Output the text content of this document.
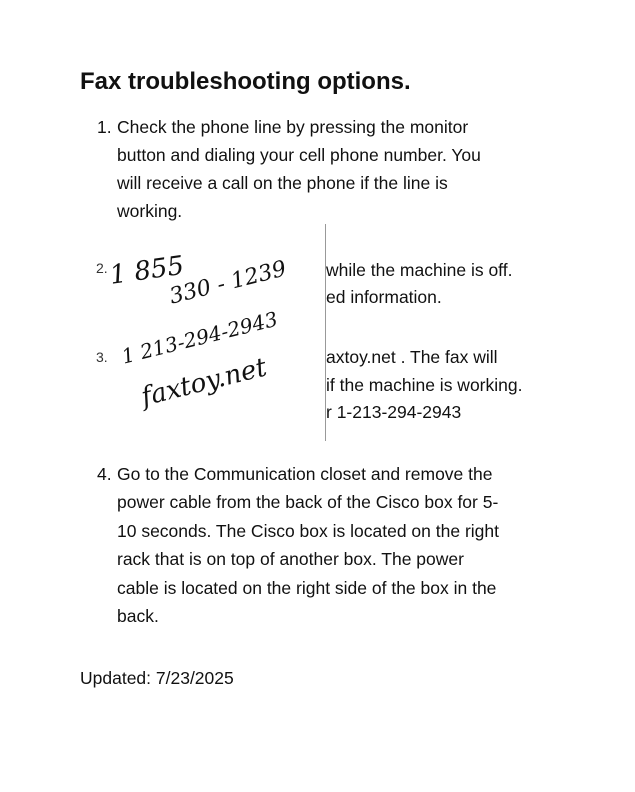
Fax troubleshooting options.
1. Check the phone line by pressing the monitor
button and dialing your cell phone number. You
will receive a call on the phone if the line is
working.
while the machine is off.
ed information.
axtoy.net . The fax will
if the machine is working.
r 1-213-294-2943
2.
3.
1 855
330 - 1239
1 213-294-2943
faxtoy.net
4. Go to the Communication closet and remove the
power cable from the back of the Cisco box for 5-
10 seconds. The Cisco box is located on the right
rack that is on top of another box. The power
cable is located on the right side of the box in the
back.
Updated: 7/23/2025
